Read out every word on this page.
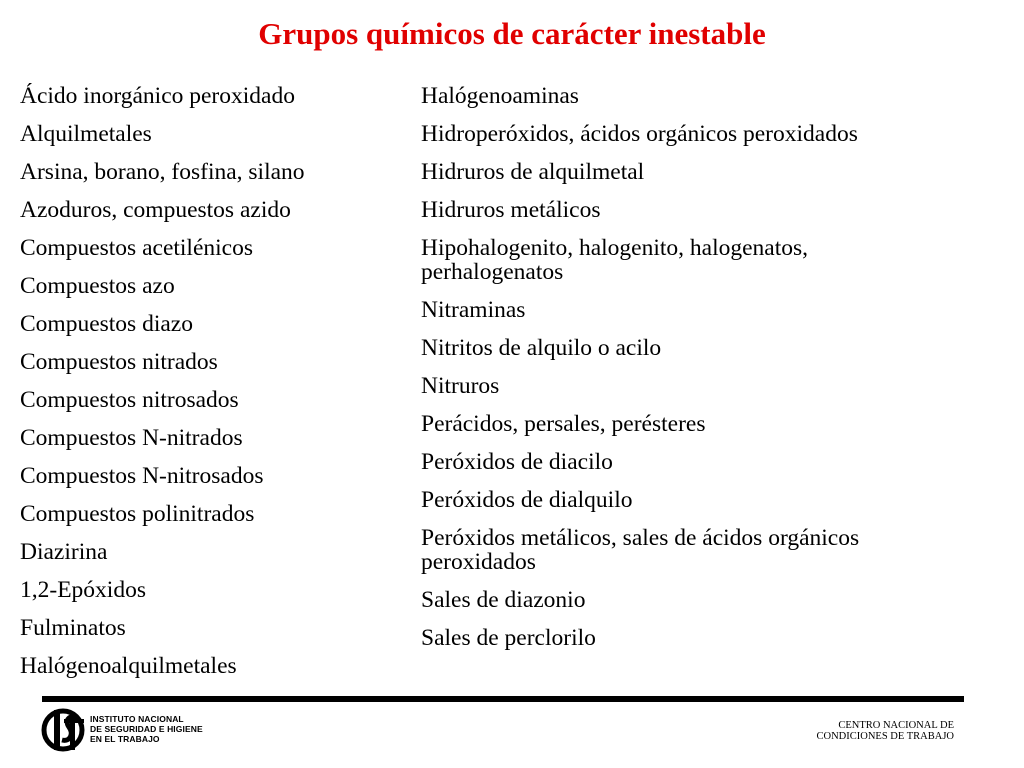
Grupos químicos de carácter inestable
Ácido inorgánico peroxidado
Alquilmetales
Arsina, borano, fosfina, silano
Azoduros, compuestos azido
Compuestos acetilénicos
Compuestos azo
Compuestos diazo
Compuestos nitrados
Compuestos nitrosados
Compuestos N-nitrados
Compuestos N-nitrosados
Compuestos polinitrados
Diazirina
1,2-Epóxidos
Fulminatos
Halógenoalquilmetales
Halógenoaminas
Hidroperóxidos, ácidos orgánicos peroxidados
Hidruros de alquilmetal
Hidruros metálicos
Hipohalogenito, halogenito, halogenatos, perhalogenatos
Nitraminas
Nitritos de alquilo o acilo
Nitruros
Perácidos, persales, perésteres
Peróxidos de diacilo
Peróxidos de dialquilo
Peróxidos metálicos, sales de ácidos orgánicos peroxidados
Sales de diazonio
Sales de perclorilo
INSTITUTO NACIONAL
DE SEGURIDAD E HIGIENE
EN EL TRABAJO
CENTRO NACIONAL DE
CONDICIONES DE TRABAJO
